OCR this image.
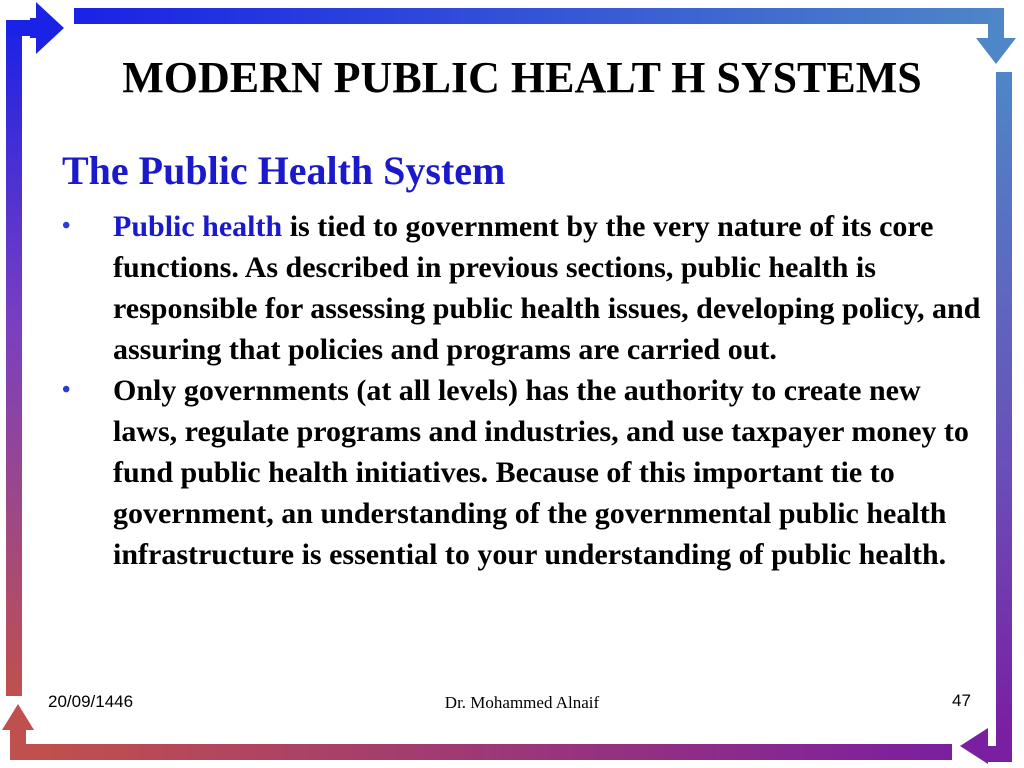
MODERN PUBLIC HEALT H SYSTEMS
The Public Health System
• Public health is tied to government by the very nature of its core functions. As described in previous sections, public health is responsible for assessing public health issues, developing policy, and assuring that policies and programs are carried out.
• Only governments (at all levels) has the authority to create new laws, regulate programs and industries, and use taxpayer money to fund public health initiatives. Because of this important tie to government, an understanding of the governmental public health infrastructure is essential to your understanding of public health.
20/09/1446	Dr. Mohammed Alnaif	47
